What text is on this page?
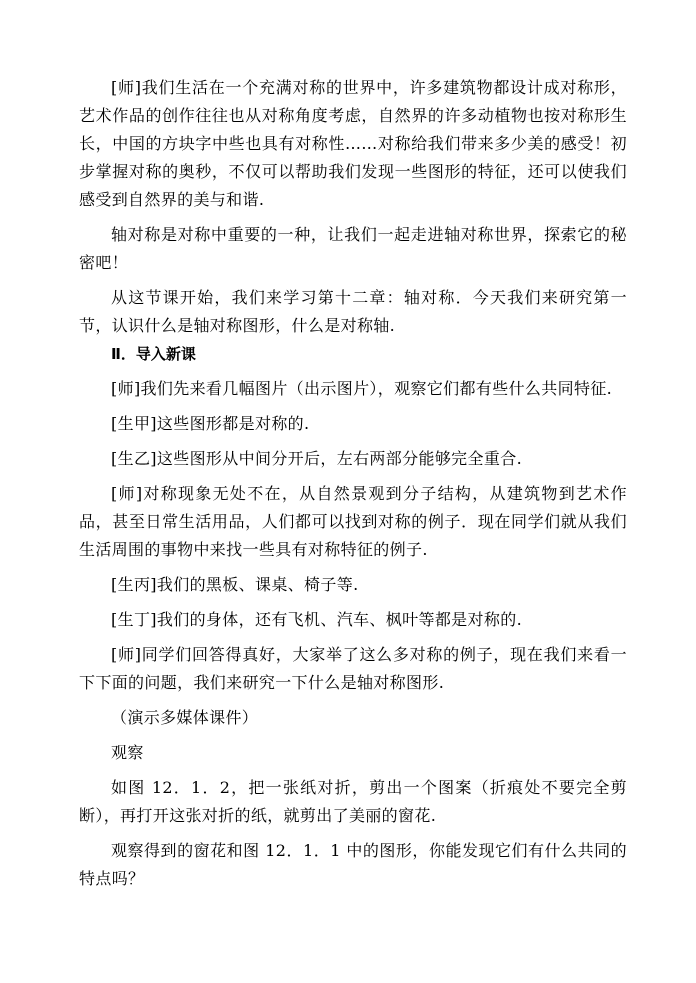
[师]我们生活在一个充满对称的世界中，许多建筑物都设计成对称形，艺术作品的创作往往也从对称角度考虑，自然界的许多动植物也按对称形生长，中国的方块字中些也具有对称性……对称给我们带来多少美的感受！初步掌握对称的奥秒，不仅可以帮助我们发现一些图形的特征，还可以使我们感受到自然界的美与和谐.

轴对称是对称中重要的一种，让我们一起走进轴对称世界，探索它的秘密吧！

从这节课开始，我们来学习第十二章：轴对称．今天我们来研究第一节，认识什么是轴对称图形，什么是对称轴.

Ⅱ．导入新课

[师]我们先来看几幅图片（出示图片），观察它们都有些什么共同特征.

[生甲]这些图形都是对称的.

[生乙]这些图形从中间分开后，左右两部分能够完全重合.

[师]对称现象无处不在，从自然景观到分子结构，从建筑物到艺术作品，甚至日常生活用品，人们都可以找到对称的例子．现在同学们就从我们生活周围的事物中来找一些具有对称特征的例子.

[生丙]我们的黑板、课桌、椅子等.

[生丁]我们的身体，还有飞机、汽车、枫叶等都是对称的.

[师]同学们回答得真好，大家举了这么多对称的例子，现在我们来看一下下面的问题，我们来研究一下什么是轴对称图形.

（演示多媒体课件）

观察

如图 12．1．2，把一张纸对折，剪出一个图案（折痕处不要完全剪断），再打开这张对折的纸，就剪出了美丽的窗花.

观察得到的窗花和图 12．1．1 中的图形，你能发现它们有什么共同的特点吗？
